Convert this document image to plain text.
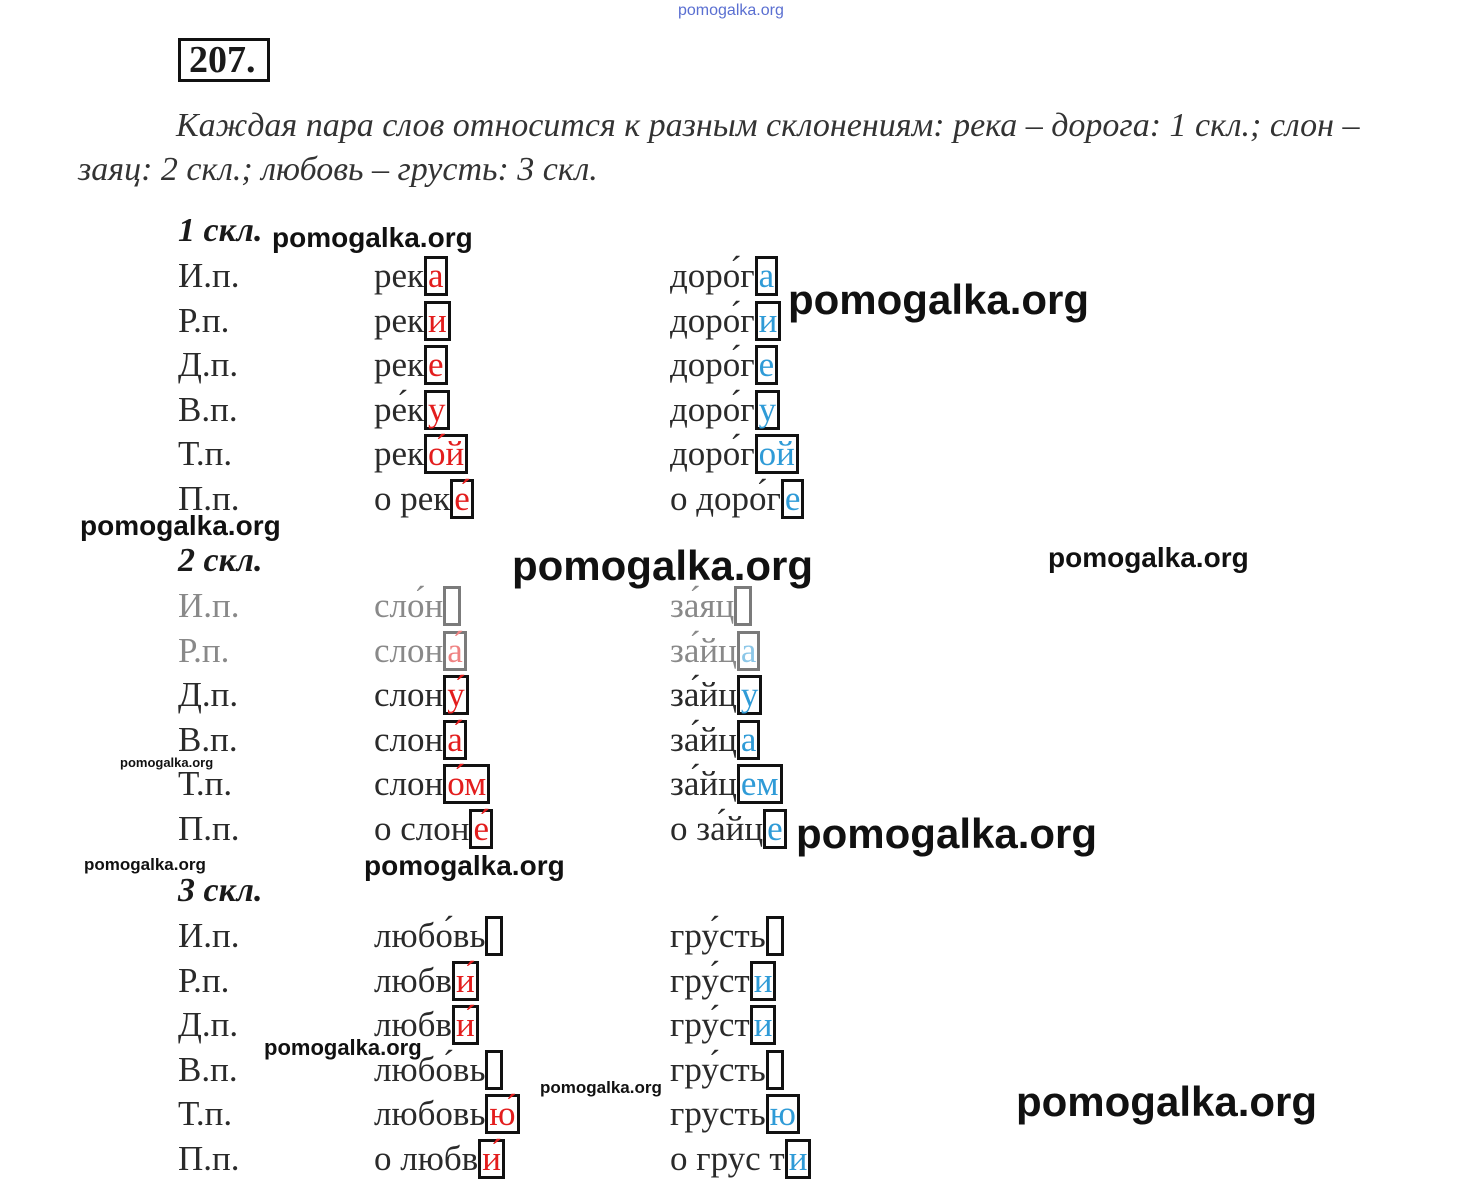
pomogalka.org
207.
Каждая пара слов относится к разным склонениям: река – дорога: 1 скл.; слон – заяц: 2 скл.; любовь – грусть: 3 скл.
1 скл.
И.п.	рек а	доро́г а
Р.п.	рек и	доро́г и
Д.п.	рек е	доро́г е
В.п.	ре́к у	доро́г у
Т.п.	рек о́й	доро́г ой
П.п.	о рек е́	о доро́г е
2 скл.
И.п.	сло́н	за́яц
Р.п.	слон а́	за́йц а
Д.п.	слон у́	за́йц у
В.п.	слон а́	за́йц а
Т.п.	слон о́м	за́йц ем
П.п.	о слон е́	о за́йц е
3 скл.
И.п.	любо́вь	гру́сть
Р.п.	любв и́	гру́ст и
Д.п.	любв и́	гру́ст и
В.п.	любо́вь	гру́сть
Т.п.	любовь ю́	грусть ю
П.п.	о любв и́	о грус т и
pomogalka.org
pomogalka.org
pomogalka.org
pomogalka.org	pomogalka.org
pomogalka.org
pomogalka.org
pomogalka.org	pomogalka.org
pomogalka.org
pomogalka.org	pomogalka.org
